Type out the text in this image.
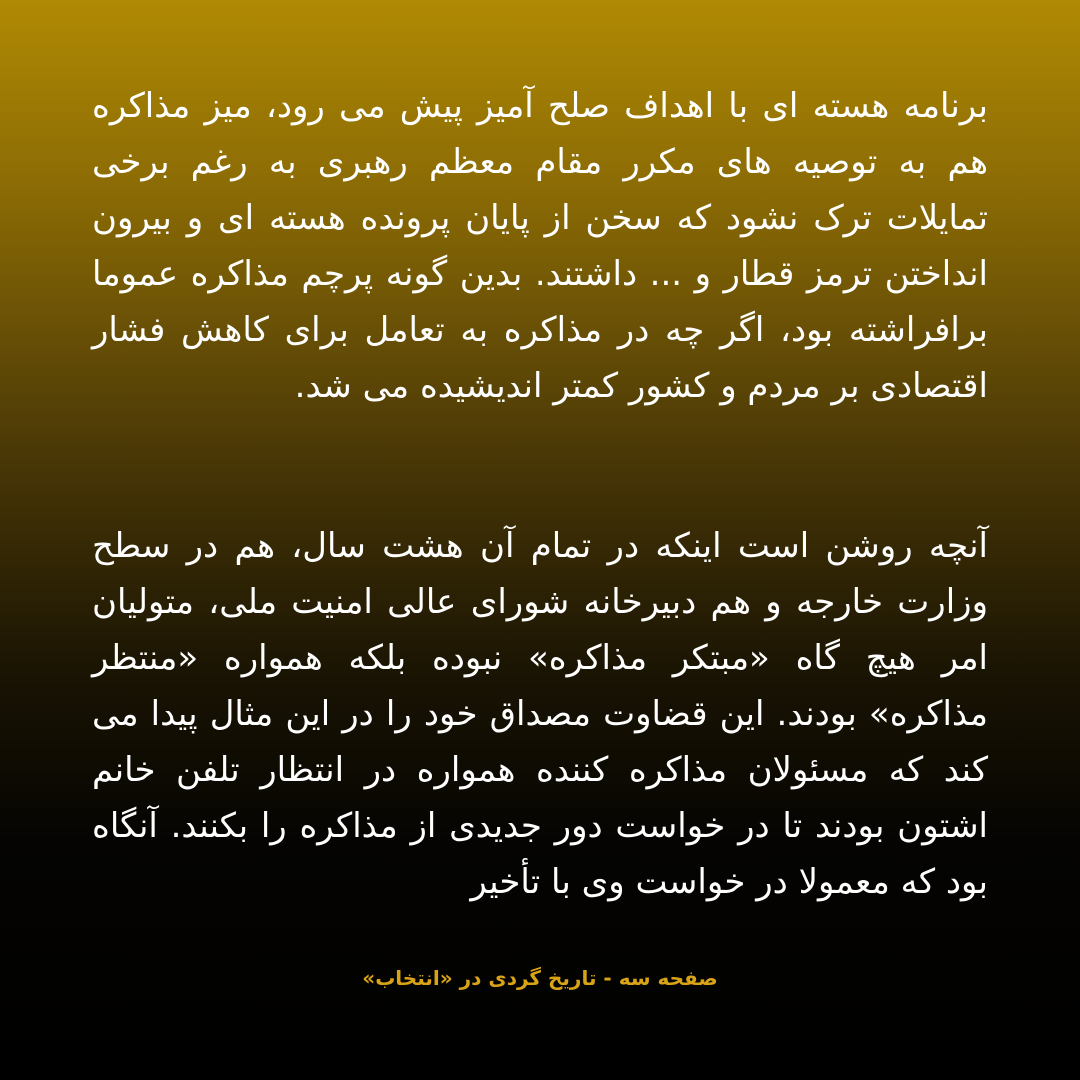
برنامه هسته ای با اهداف صلح آمیز پیش می رود، میز مذاکره هم به توصیه های مکرر مقام معظم رهبری به رغم برخی تمایلات ترک نشود که سخن از پایان پرونده هسته ای و بیرون انداختن ترمز قطار و ... داشتند. بدین گونه پرچم مذاکره عموما برافراشته بود، اگر چه در مذاکره به تعامل برای کاهش فشار اقتصادی بر مردم و کشور کمتر اندیشیده می شد.

آنچه روشن است اینکه در تمام آن هشت سال، هم در سطح وزارت خارجه و هم دبیرخانه شورای عالی امنیت ملی، متولیان امر هیچ گاه «مبتکر مذاکره» نبوده بلکه همواره «منتظر مذاکره» بودند. این قضاوت مصداق خود را در این مثال پیدا می کند که مسئولان مذاکره کننده همواره در انتظار تلفن خانم اشتون بودند تا در خواست دور جدیدی از مذاکره را بکنند. آنگاه بود که معمولا در خواست وی با تأخیر

صفحه سه - تاریخ گردی در «انتخاب»
